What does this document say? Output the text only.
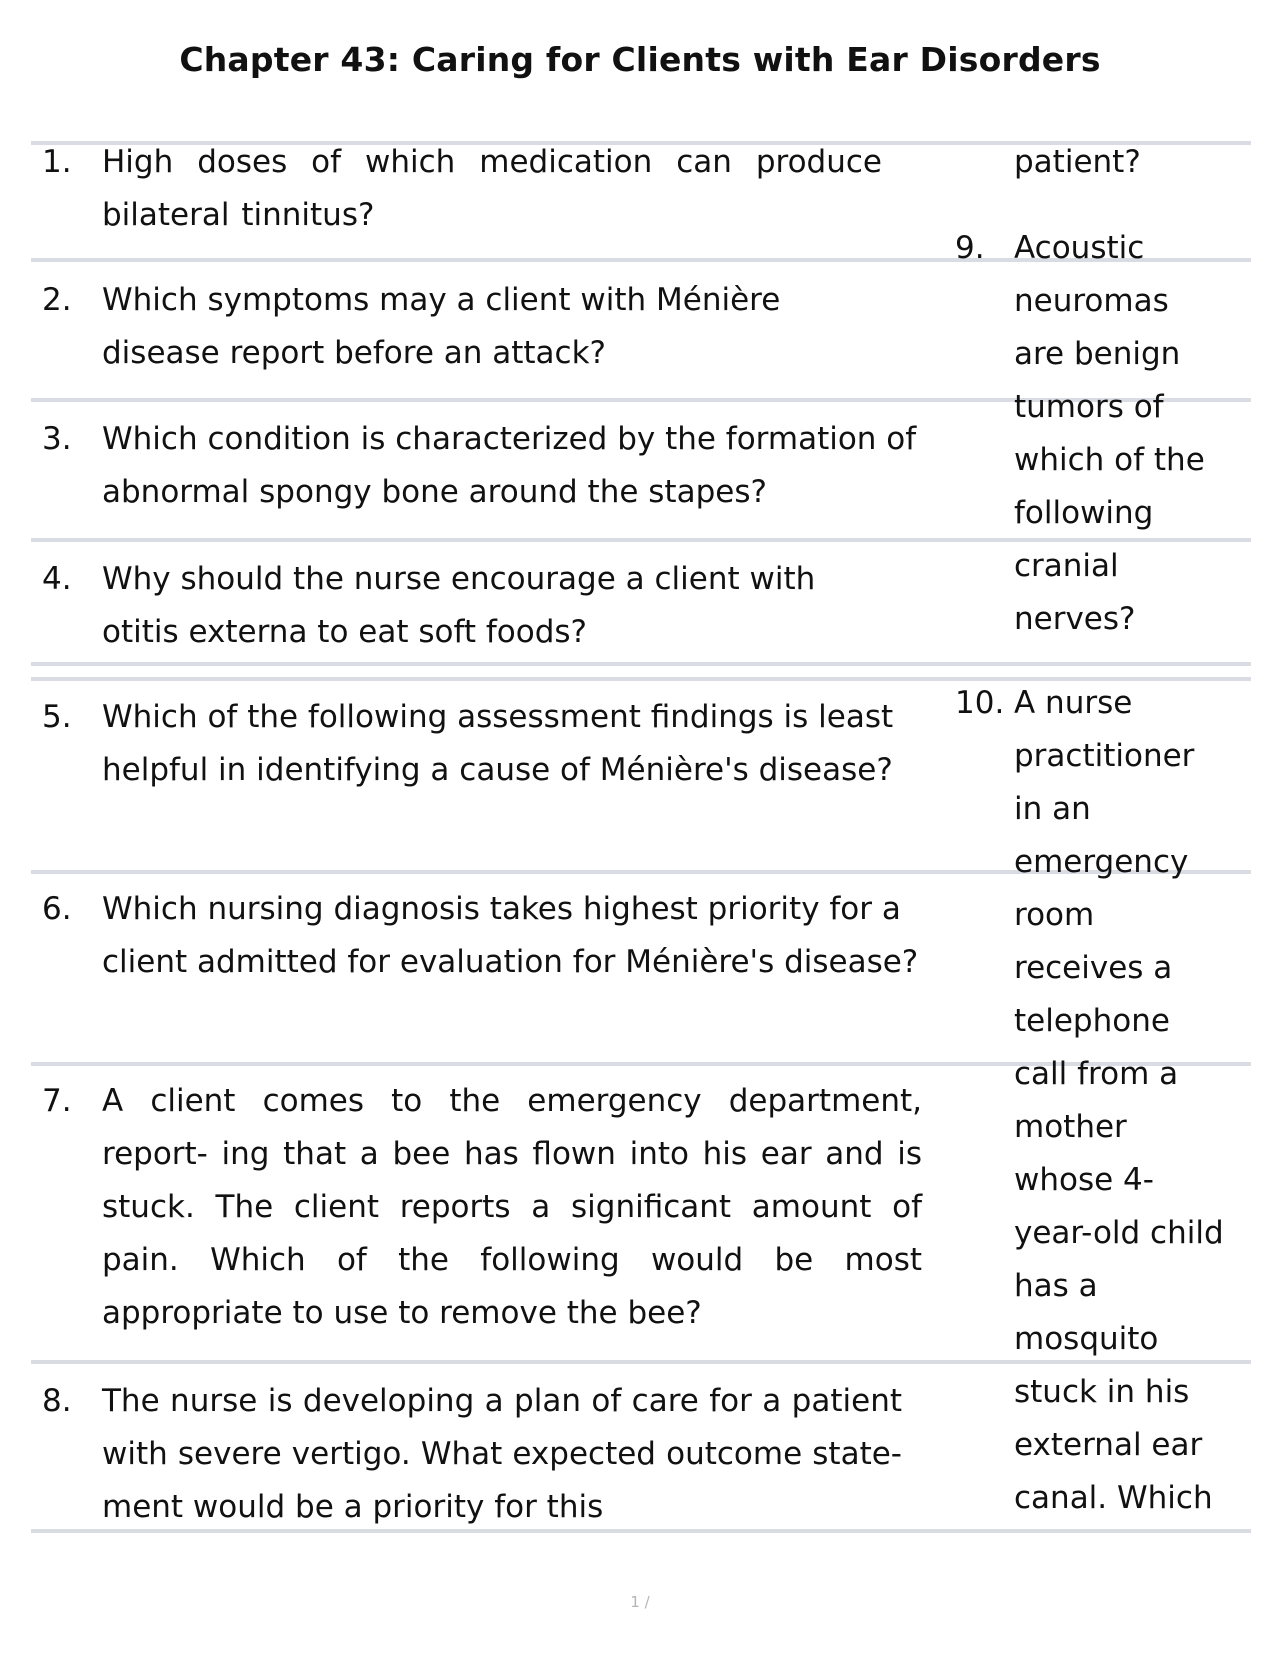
Chapter 43: Caring for Clients with Ear Disorders
1. High doses of which medication can produce bilateral tinnitus?
2. Which symptoms may a client with Ménière disease report before an attack?
3. Which condition is characterized by the formation of abnormal spongy bone around the stapes?
4. Why should the nurse encourage a client with otitis externa to eat soft foods?
5. Which of the following assessment findings is least helpful in identifying a cause of Ménière's disease?
6. Which nursing diagnosis takes highest priority for a client admitted for evaluation for Ménière's disease?
7. A client comes to the emergency department, report- ing that a bee has flown into his ear and is stuck. The client reports a significant amount of pain. Which of the following would be most appropriate to use to remove the bee?
8. The nurse is developing a plan of care for a patient with severe vertigo. What expected outcome state- ment would be a priority for this
patient?
9. Acoustic
neuromas
are benign
tumors of
which of the
following
cranial
nerves?
10. A nurse
practitioner
in an
emergency
room
receives a
telephone
call from a
mother
whose 4-
year-old child
has a
mosquito
stuck in his
external ear
canal. Which
1 /
